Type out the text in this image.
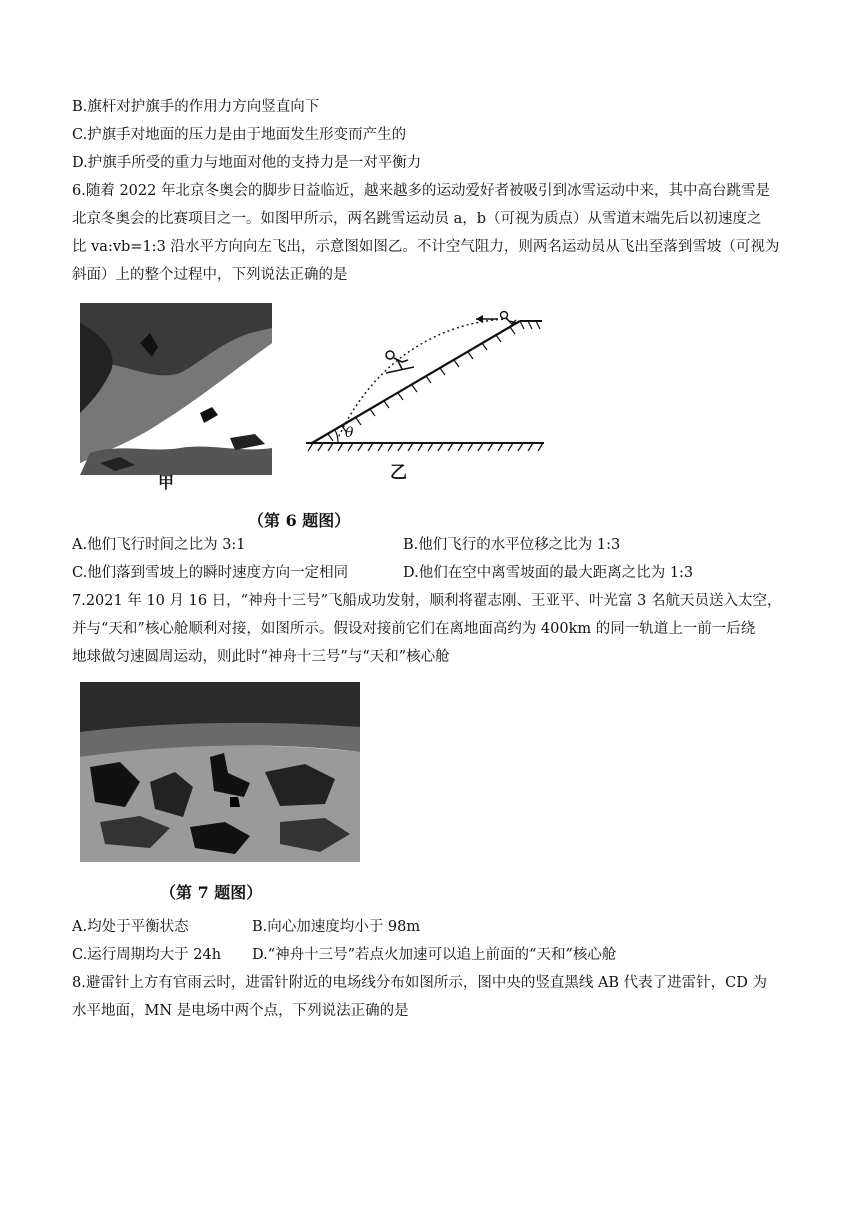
B.旗杆对护旗手的作用力方向竖直向下
C.护旗手对地面的压力是由于地面发生形变而产生的
D.护旗手所受的重力与地面对他的支持力是一对平衡力
6.随着 2022 年北京冬奥会的脚步日益临近，越来越多的运动爱好者被吸引到冰雪运动中来，其中高台跳雪是
北京冬奥会的比赛项目之一。如图甲所示，两名跳雪运动员 a，b（可视为质点）从雪道末端先后以初速度之
比 va:vb=1:3 沿水平方向向左飞出，示意图如图乙。不计空气阻力，则两名运动员从飞出至落到雪坡（可视为
斜面）上的整个过程中，下列说法正确的是
甲
θ
乙
（第 6 题图）
A.他们飞行时间之比为 3:1	B.他们飞行的水平位移之比为 1:3
C.他们落到雪坡上的瞬时速度方向一定相同	D.他们在空中离雪坡面的最大距离之比为 1:3
7.2021 年 10 月 16 日，“神舟十三号”飞船成功发射，顺利将翟志刚、王亚平、叶光富 3 名航天员送入太空，
并与“天和”核心舱顺利对接，如图所示。假设对接前它们在离地面高约为 400km 的同一轨道上一前一后绕
地球做匀速圆周运动，则此时“神舟十三号”与“天和”核心舱
（第 7 题图）
A.均处于平衡状态	B.向心加速度均小于 98m
C.运行周期均大于 24h D.“神舟十三号”若点火加速可以追上前面的“天和”核心舱
8.避雷针上方有官雨云时，进雷针附近的电场线分布如图所示，图中央的竖直黑线 AB 代表了进雷针，CD 为
水平地面，MN 是电场中两个点，下列说法正确的是
